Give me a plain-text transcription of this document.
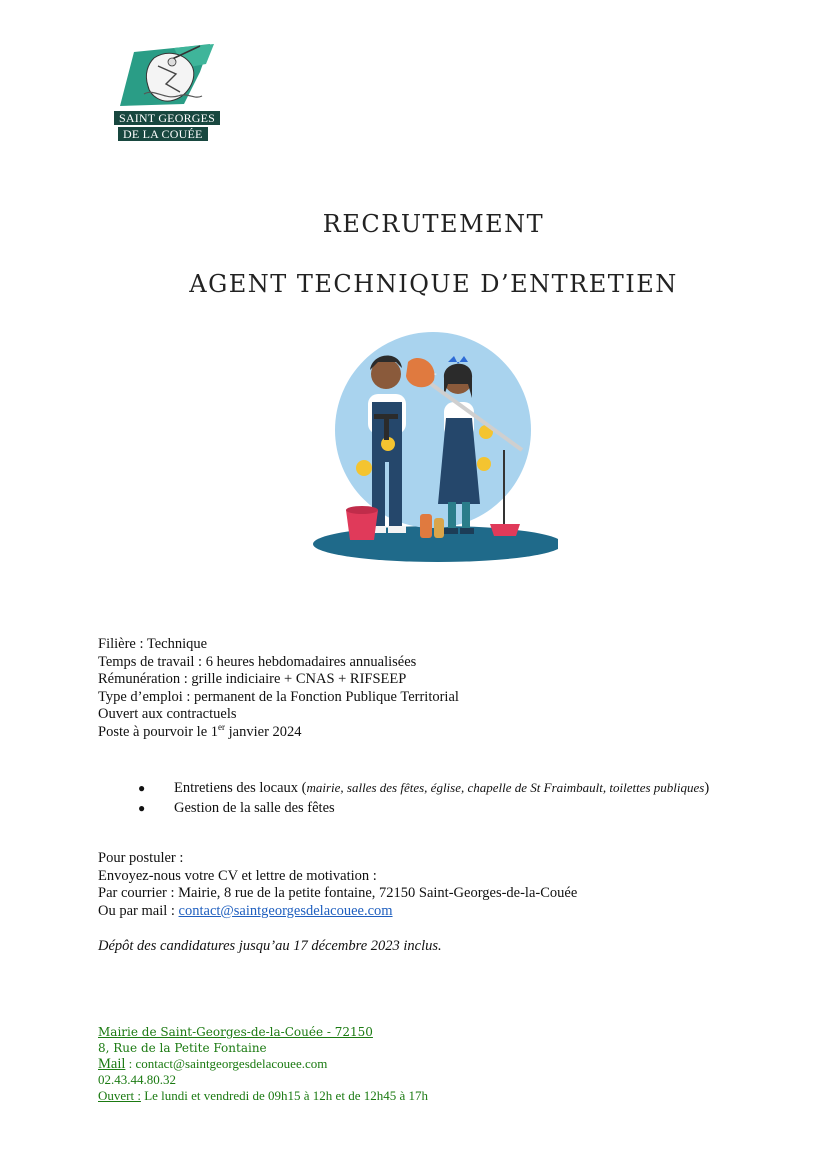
SAINT GEORGES
DE LA COUÉE
RECRUTEMENT
AGENT TECHNIQUE D’ENTRETIEN
Filière : Technique
Temps de travail : 6 heures hebdomadaires annualisées
Rémunération : grille indiciaire + CNAS + RIFSEEP
Type d’emploi : permanent de la Fonction Publique Territorial
Ouvert aux contractuels
Poste à pourvoir le 1er janvier 2024
● Entretiens des locaux (mairie, salles des fêtes, église, chapelle de St Fraimbault, toilettes publiques)
● Gestion de la salle des fêtes
Pour postuler :
Envoyez-nous votre CV et lettre de motivation :
Par courrier : Mairie, 8 rue de la petite fontaine, 72150 Saint-Georges-de-la-Couée
Ou par mail : contact@saintgeorgesdelacouee.com
Dépôt des candidatures jusqu’au 17 décembre 2023 inclus.
Mairie de Saint-Georges-de-la-Couée - 72150
8, Rue de la Petite Fontaine
Mail : contact@saintgeorgesdelacouee.com
02.43.44.80.32
Ouvert : Le lundi et vendredi de 09h15 à 12h et de 12h45 à 17h
